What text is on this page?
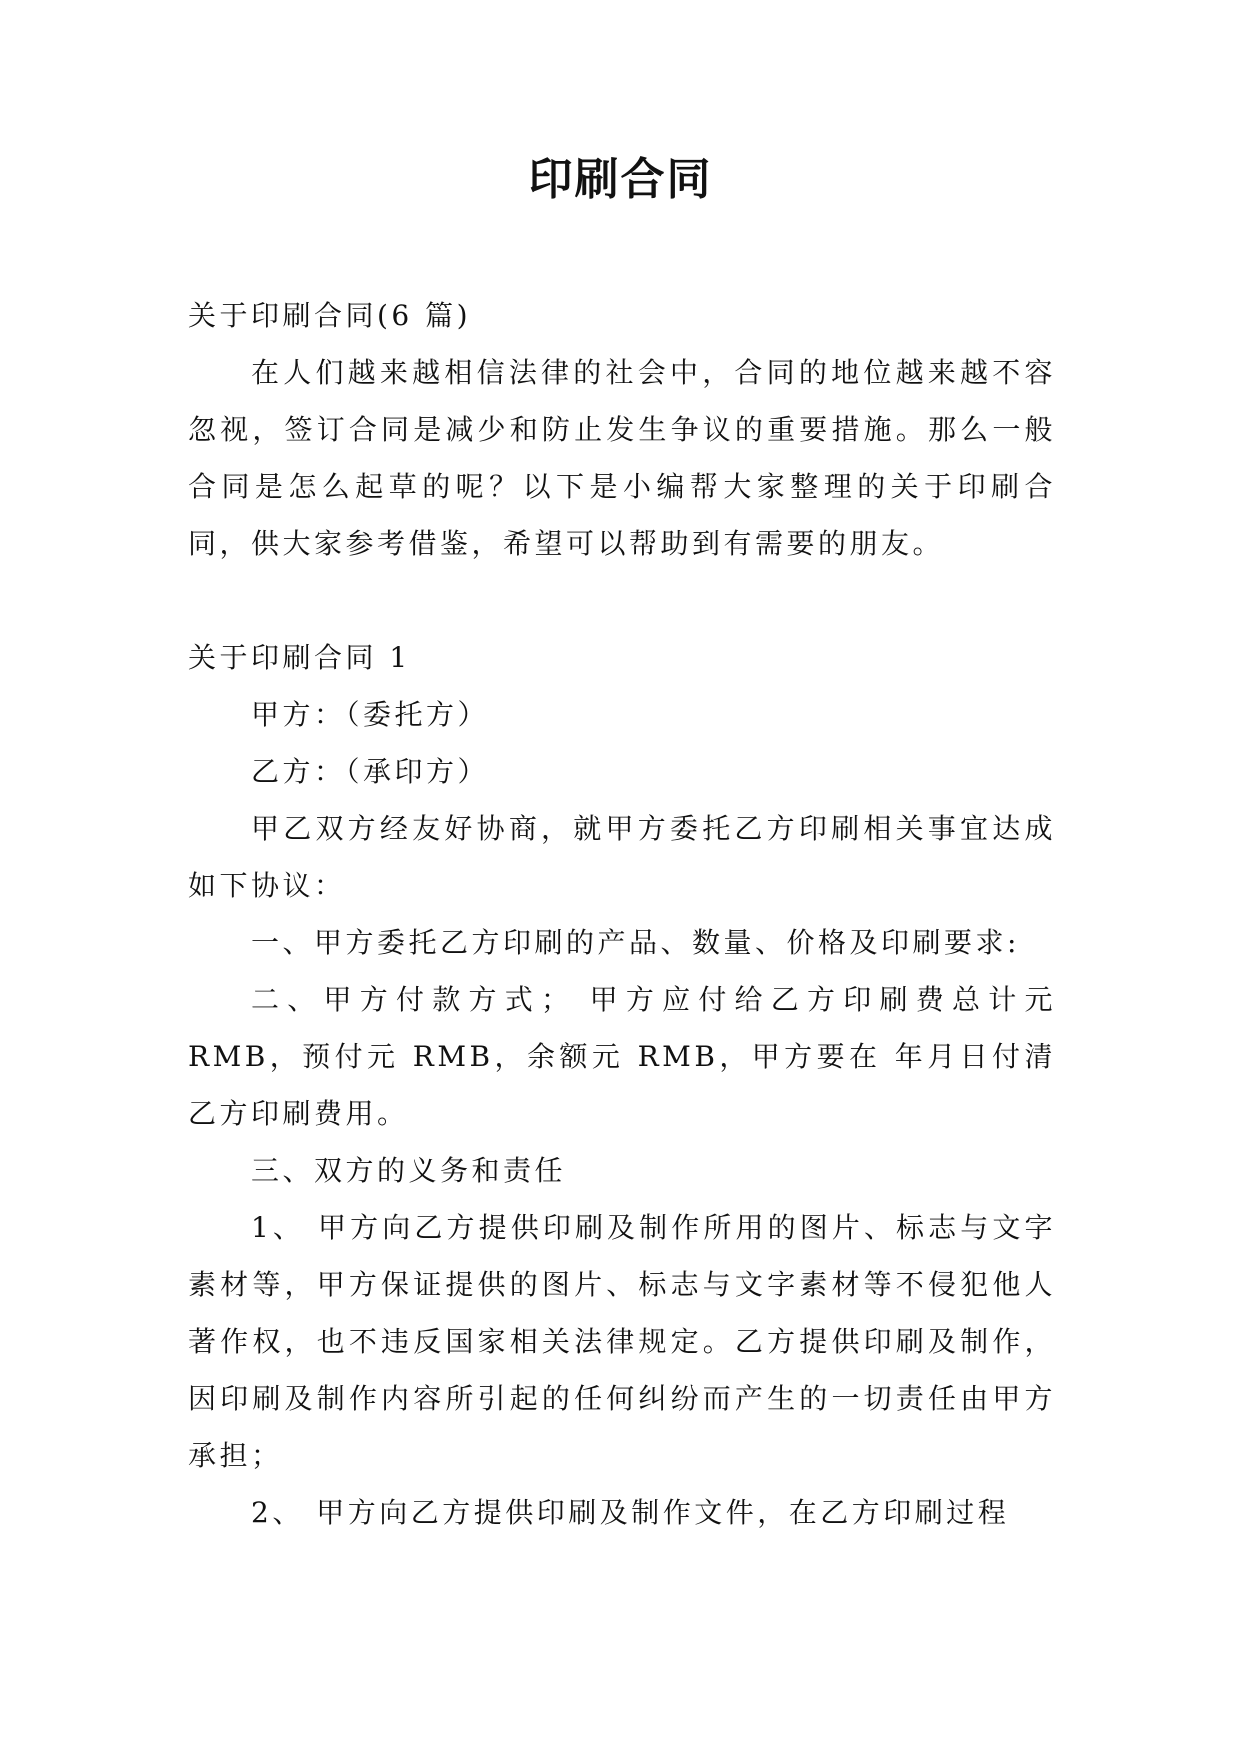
印刷合同

关于印刷合同(6 篇)

在人们越来越相信法律的社会中，合同的地位越来越不容忽视，签订合同是减少和防止发生争议的重要措施。那么一般合同是怎么起草的呢？以下是小编帮大家整理的关于印刷合同，供大家参考借鉴，希望可以帮助到有需要的朋友。

关于印刷合同 1

甲方：（委托方）

乙方：（承印方）

甲乙双方经友好协商，就甲方委托乙方印刷相关事宜达成如下协议：

一、甲方委托乙方印刷的产品、数量、价格及印刷要求:

二、甲方付款方式； 甲方应付给乙方印刷费总计元 RMB，预付元 RMB，余额元 RMB，甲方要在 年月日付清乙方印刷费用。

三、双方的义务和责任

1、 甲方向乙方提供印刷及制作所用的图片、标志与文字素材等，甲方保证提供的图片、标志与文字素材等不侵犯他人著作权，也不违反国家相关法律规定。乙方提供印刷及制作，因印刷及制作内容所引起的任何纠纷而产生的一切责任由甲方承担；

2、 甲方向乙方提供印刷及制作文件，在乙方印刷过程
